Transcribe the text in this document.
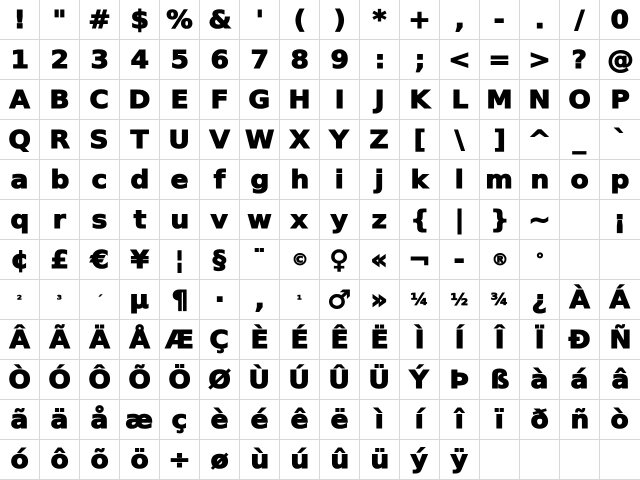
! " # $ % & ' ( ) * + , - . / 0
1 2 3 4 5 6 7 8 9 : ; < = > ? @
A B C D E F G H I J K L M N O P
Q R S T U V W X Y Z [ \ ] ^ _ `
a b c d e f g h i j k l m n o p
q r s t u v w x y z { | } ~	¡
¢ £ € ¥ ¦ § ¨ © ♀ « ¬ - ® °
²	³	´ µ ¶ · ,	¹ ♂ » ¼ ½ ¾ ¿ À Á
Â Ã Ä Å Æ Ç È É Ê Ë Ì Í Î Ï Ð Ñ
Ò Ó Ô Õ Ö Ø Ù Ú Û Ü Ý Þ ß à á â
ã ä å æ ç è é ê ë ì í î ï ð ñ ò
ó ô õ ö ÷ ø ù ú û ü ý ÿ
